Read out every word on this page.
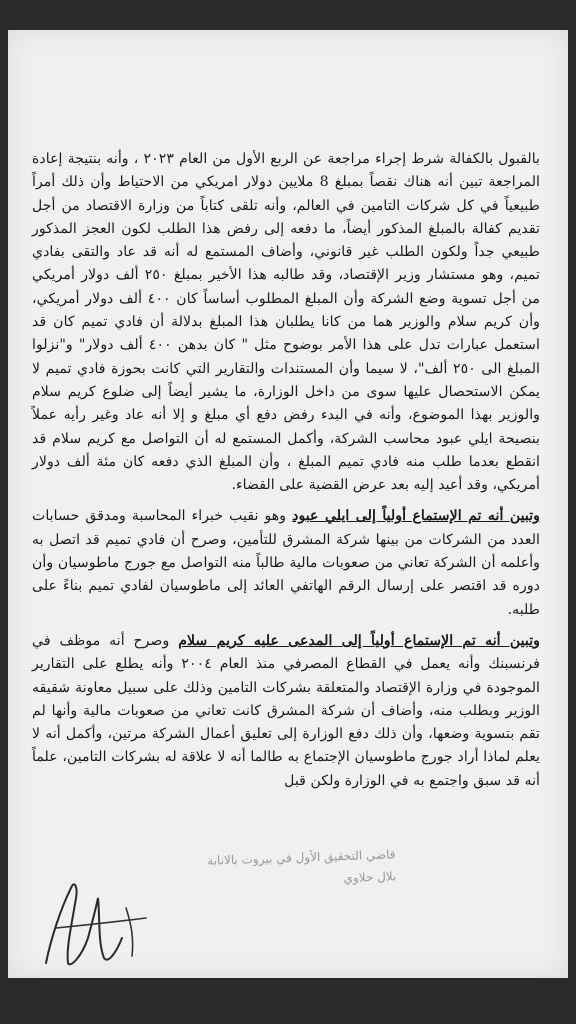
بالقبول بالكفالة شرط إجراء مراجعة عن الربع الأول من العام ٢٠٢٣ ، وأنه بنتيجة إعادة المراجعة تبين أنه هناك نقصاً بمبلغ 8 ملايين دولار امريكي من الاحتياط وأن ذلك أمراً طبيعياً في كل شركات التامين في العالم، وأنه تلقى كتاباً من وزارة الاقتصاد من أجل تقديم كفالة بالمبلغ المذكور أيضاً، ما دفعه إلى رفض هذا الطلب لكون العجز المذكور طبيعي جداً ولكون الطلب غير قانوني، وأضاف المستمع له أنه قد عاد والتقى بفادي تميم، وهو مستشار وزير الإقتصاد، وقد طالبه هذا الأخير بمبلغ ٢٥٠ ألف دولار أمريكي من أجل تسوية وضع الشركة وأن المبلغ المطلوب أساساً كان ٤٠٠ ألف دولار أمريكي، وأن كريم سلام والوزير هما من كانا يطلبان هذا المبلغ بدلالة أن فادي تميم كان قد استعمل عبارات تدل على هذا الأمر بوضوح مثل " كان بدهن ٤٠٠ ألف دولار" و"نزلوا المبلغ الى ٢٥٠ ألف"، لا سيما وأن المستندات والتقارير التي كانت بحوزة فادي تميم لا يمكن الاستحصال عليها سوى من داخل الوزارة، ما يشير أيضاً إلى ضلوع كريم سلام والوزير بهذا الموضوع، وأنه في البدء رفض دفع أي مبلغ و إلا أنه عاد وغير رأيه عملاً بنصيحة ايلي عبود محاسب الشركة، وأكمل المستمع له أن التواصل مع كريم سلام قد انقطع بعدما طلب منه فادي تميم المبلغ ، وأن المبلغ الذي دفعه كان مئة ألف دولار أمريكي، وقد أعيد إليه بعد عرض القضية على القضاء.

وتبين أنه تم الإستماع أولياً إلى ايلي عبود وهو نقيب خبراء المحاسبة ومدقق حسابات العدد من الشركات من بينها شركة المشرق للتأمين، وصرح أن فادي تميم قد اتصل به وأعلمه أن الشركة تعاني من صعوبات مالية طالباً منه التواصل مع جورج ماطوسيان وأن دوره قد اقتصر على إرسال الرقم الهاتفي العائد إلى ماطوسيان لفادي تميم بناءً على طلبه.

وتبين أنه تم الإستماع أولياً إلى المدعى عليه كريم سلام وصرح أنه موظف في فرنسبنك وأنه يعمل في القطاع المصرفي منذ العام ٢٠٠٤ وأنه يطلع على التقارير الموجودة في وزارة الإقتصاد والمتعلقة بشركات التامين وذلك على سبيل معاونة شقيقه الوزير وبطلب منه، وأضاف أن شركة المشرق كانت تعاني من صعوبات مالية وأنها لم تقم بتسوية وضعها، وأن ذلك دفع الوزارة إلى تعليق أعمال الشركة مرتين، وأكمل أنه لا يعلم لماذا أراد جورج ماطوسيان الإجتماع به طالما أنه لا علاقة له بشركات التامين، علماً أنه قد سبق واجتمع به في الوزارة ولكن قبل

قاضي التحقيق الأول في بيروت بالانابة
بلال حلاوي
